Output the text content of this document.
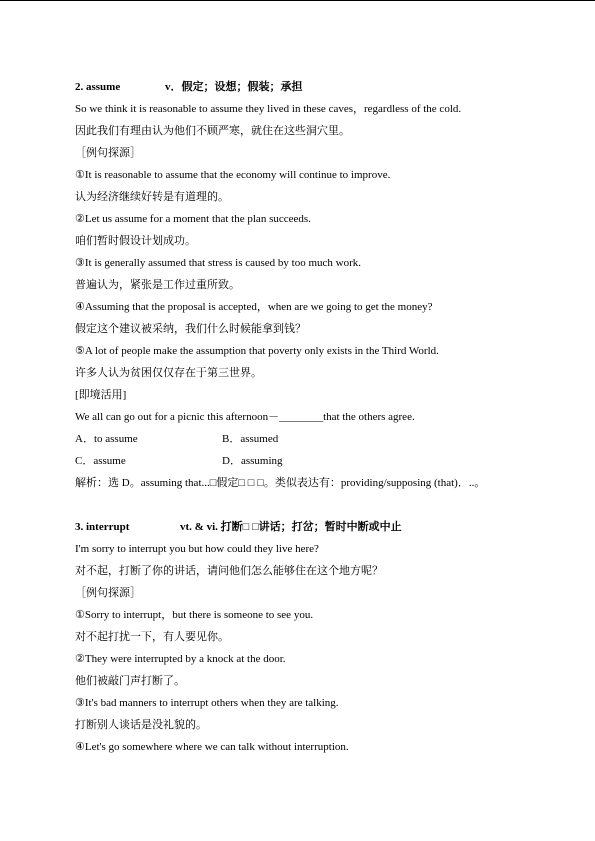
2. assume	v．假定；设想；假装；承担
So we think it is reasonable to assume they lived in these caves，regardless of the cold.
因此我们有理由认为他们不顾严寒，就住在这些洞穴里。
［例句探源］
①It is reasonable to assume that the economy will continue to improve.
认为经济继续好转是有道理的。
②Let us assume for a moment that the plan succeeds.
咱们暂时假设计划成功。
③It is generally assumed that stress is caused by too much work.
普遍认为，紧张是工作过重所致。
④Assuming that the proposal is accepted，when are we going to get the money?
假定这个建议被采纳，我们什么时候能拿到钱？
⑤A lot of people make the assumption that poverty only exists in the Third World.
许多人认为贫困仅仅存在于第三世界。
[即境活用]
We all can go out for a picnic this afternoon－________that the others agree.
A．to assume	B．assumed
C．assume	D．assuming
解析：选 D。assuming that...□假定□ □ □。类似表达有：providing/supposing (that)．..。
3. interrupt	vt. & vi. 打断□ □讲话；打岔；暂时中断或中止
I'm sorry to interrupt you but how could they live here?
对不起，打断了你的讲话，请问他们怎么能够住在这个地方呢？
［例句探源］
①Sorry to interrupt，but there is someone to see you.
对不起打扰一下，有人要见你。
②They were interrupted by a knock at the door.
他们被敲门声打断了。
③It's bad manners to interrupt others when they are talking.
打断别人谈话是没礼貌的。
④Let's go somewhere where we can talk without interruption.
